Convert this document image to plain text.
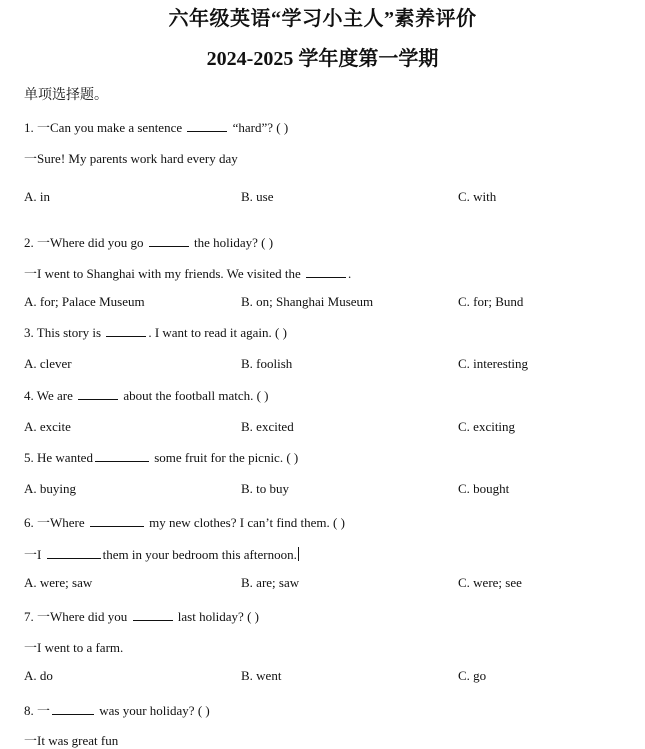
六年级英语“学习小主人”素养评价
2024-2025 学年度第一学期
单项选择题。
1. 一Can you make a sentence	“hard”? ( )
一Sure! My parents work hard every day
A. in	B. use	C. with
2. 一Where did you go	the holiday? ( )
一I went to Shanghai with my friends. We visited the	.
A. for; Palace Museum	B. on; Shanghai Museum	C. for; Bund
3. This story is	. I want to read it again. ( )
A. clever	B. foolish	C. interesting
4. We are	about the football match. ( )
A. excite	B. excited	C. exciting
5. He wanted	some fruit for the picnic. ( )
A. buying	B. to buy	C. bought
6. 一Where	my new clothes? I can’t find them. ( )
一I	them in your bedroom this afternoon.
A. were; saw	B. are; saw	C. were; see
7. 一Where did you	last holiday? ( )
一I went to a farm.
A. do	B. went	C. go
8. 一	was your holiday? ( )
一It was great fun
